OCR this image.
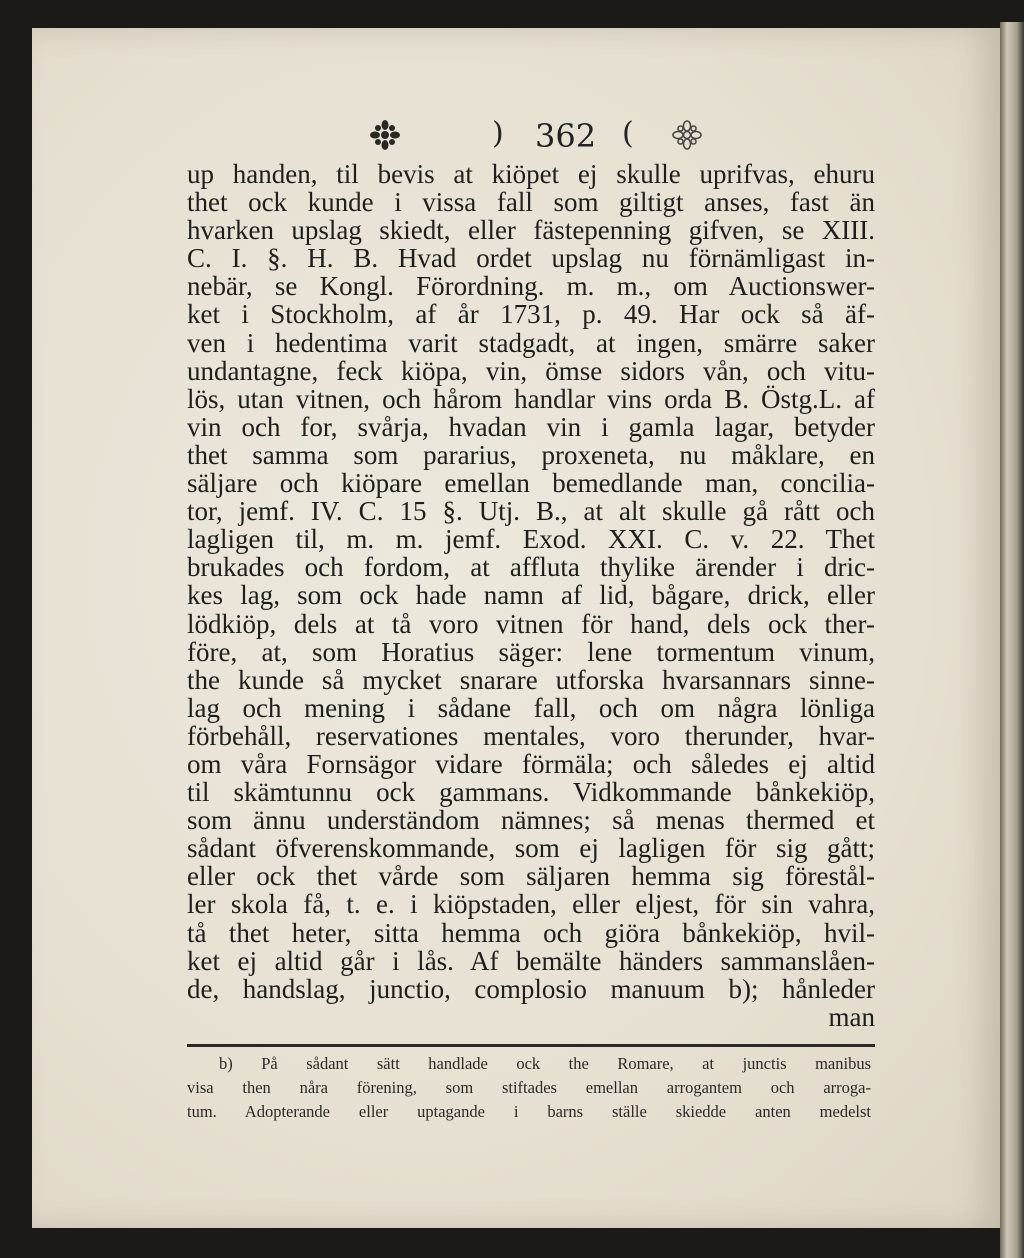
) 362 (
up handen, til bevis at kiöpet ej skulle uprifvas, ehuru
thet ock kunde i vissa fall som giltigt anses, fast än
hvarken upslag skiedt, eller fästepenning gifven, se XIII.
C. I. §. H. B. Hvad ordet upslag nu förnämligast in-
nebär, se Kongl. Förordning. m. m., om Auctionswer-
ket i Stockholm, af år 1731, p. 49. Har ock så äf-
ven i hedentima varit stadgadt, at ingen, smärre saker
undantagne, feck kiöpa, vin, ömse sidors vån, och vitu-
lös, utan vitnen, och hårom handlar vins orda B. Östg.L. af
vin och for, svårja, hvadan vin i gamla lagar, betyder
thet samma som pararius, proxeneta, nu måklare, en
säljare och kiöpare emellan bemedlande man, concilia-
tor, jemf. IV. C. 15 §. Utj. B., at alt skulle gå rått och
lagligen til, m. m. jemf. Exod. XXI. C. v. 22. Thet
brukades och fordom, at affluta thylike ärender i dric-
kes lag, som ock hade namn af lid, bågare, drick, eller
lödkiöp, dels at tå voro vitnen för hand, dels ock ther-
före, at, som Horatius säger: lene tormentum vinum,
the kunde så mycket snarare utforska hvarsannars sinne-
lag och mening i sådane fall, och om några lönliga
förbehåll, reservationes mentales, voro therunder, hvar-
om våra Fornsägor vidare förmäla; och således ej altid
til skämtunnu ock gammans. Vidkommande bånkekiöp,
som ännu underständom nämnes; så menas thermed et
sådant öfverenskommande, som ej lagligen för sig gått;
eller ock thet vårde som säljaren hemma sig förestål-
ler skola få, t. e. i kiöpstaden, eller eljest, för sin vahra,
tå thet heter, sitta hemma och giöra bånkekiöp, hvil-
ket ej altid går i lås. Af bemälte händers sammanslåen-
de, handslag, junctio, complosio manuum b); hånleder
man
b) På sådant sätt handlade ock the Romare, at junctis manibus
visa then nåra förening, som stiftades emellan arrogantem och arroga-
tum. Adopterande eller uptagande i barns ställe skiedde anten medelst
